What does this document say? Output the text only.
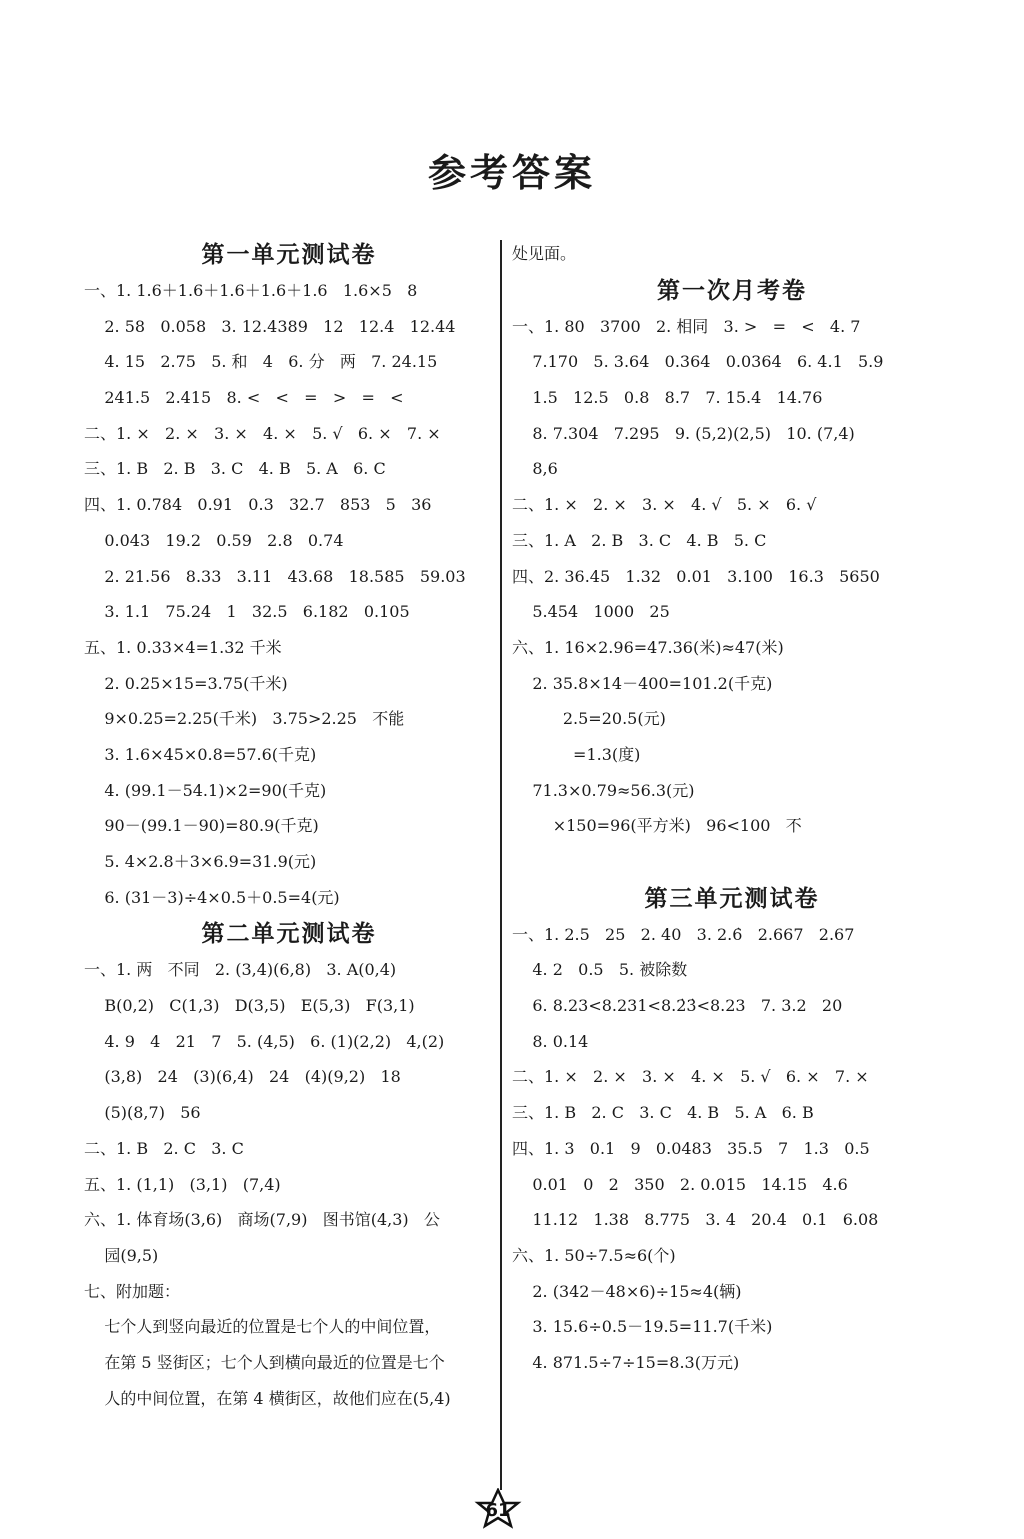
参考答案
第一单元测试卷
一、1. 1.6＋1.6＋1.6＋1.6＋1.6   1.6×5   8
2. 58   0.058   3. 12.4389   12   12.4   12.44
4. 15   2.75   5. 和   4   6. 分   两   7. 24.15
241.5   2.415   8. <   <   =   >   =   <
二、1. ×   2. ×   3. ×   4. ×   5. √   6. ×   7. ×
三、1. B   2. B   3. C   4. B   5. A   6. C
四、1. 0.784   0.91   0.3   32.7   853   5   36
0.043   19.2   0.59   2.8   0.74
2. 21.56   8.33   3.11   43.68   18.585   59.03
3. 1.1   75.24   1   32.5   6.182   0.105
五、1. 0.33×4=1.32 千米
2. 0.25×15=3.75(千米)
9×0.25=2.25(千米)   3.75>2.25   不能
3. 1.6×45×0.8=57.6(千克)
4. (99.1－54.1)×2=90(千克)
90－(99.1－90)=80.9(千克)
5. 4×2.8＋3×6.9=31.9(元)
6. (31－3)÷4×0.5＋0.5=4(元)
第二单元测试卷
一、1. 两   不同   2. (3,4)(6,8)   3. A(0,4)
B(0,2)   C(1,3)   D(3,5)   E(5,3)   F(3,1)
4. 9   4   21   7   5. (4,5)   6. (1)(2,2)   4,(2)
(3,8)   24   (3)(6,4)   24   (4)(9,2)   18
(5)(8,7)   56
二、1. B   2. C   3. C
五、1. (1,1)   (3,1)   (7,4)
六、1. 体育场(3,6)   商场(7,9)   图书馆(4,3)   公
园(9,5)
七、附加题：
七个人到竖向最近的位置是七个人的中间位置，
在第 5 竖街区；七个人到横向最近的位置是七个
人的中间位置，在第 4 横街区，故他们应在(5,4)
处见面。
第一次月考卷
一、1. 80   3700   2. 相同   3. >   =   <   4. 7
7.170   5. 3.64   0.364   0.0364   6. 4.1   5.9
1.5   12.5   0.8   8.7   7. 15.4   14.76
8. 7.304   7.295   9. (5,2)(2,5)   10. (7,4)
8,6
二、1. ×   2. ×   3. ×   4. √   5. ×   6. √
三、1. A   2. B   3. C   4. B   5. C
四、2. 36.45   1.32   0.01   3.100   16.3   5650
5.454   1000   25
六、1. 16×2.96=47.36(米)≈47(米)
2. 35.8×14－400=101.2(千克)
2.5=20.5(元)
=1.3(度)
71.3×0.79≈56.3(元)
×150=96(平方米)   96<100   不
第三单元测试卷
一、1. 2.5   25   2. 40   3. 2.6̇   2.667   2.67
4. 2   0.5   5. 被除数
6. 8.23<8.231<8.2̇3̇<8.23   7. 3.2   20
8. 0.14
二、1. ×   2. ×   3. ×   4. ×   5. √   6. ×   7. ×
三、1. B   2. C   3. C   4. B   5. A   6. B
四、1. 3   0.1   9   0.0483   35.5   7   1.3   0.5
0.01   0   2   350   2. 0.015   14.15   4.6
11.12   1.38   8.775   3. 4   20.4   0.1   6.08
六、1. 50÷7.5≈6(个)
2. (342－48×6)÷15≈4(辆)
3. 15.6÷0.5－19.5=11.7(千米)
4. 871.5÷7÷15=8.3(万元)
61
